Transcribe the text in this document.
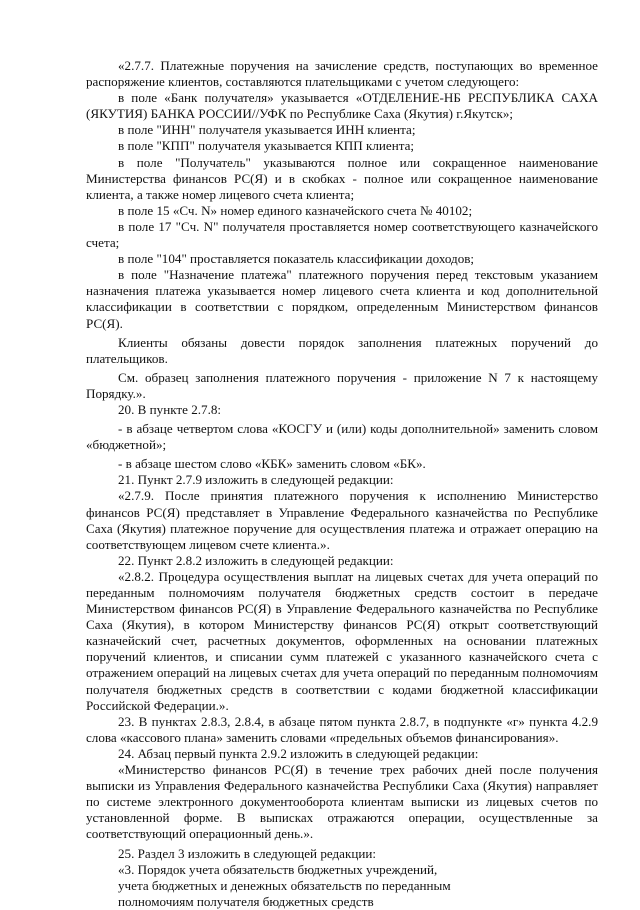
«2.7.7. Платежные поручения на зачисление средств, поступающих во временное распоряжение клиентов, составляются плательщиками с учетом следующего:

в поле «Банк получателя» указывается «ОТДЕЛЕНИЕ-НБ РЕСПУБЛИКА САХА (ЯКУТИЯ) БАНКА РОССИИ//УФК по Республике Саха (Якутия) г.Якутск»;

в поле "ИНН" получателя указывается ИНН клиента;

в поле "КПП" получателя указывается КПП клиента;

в поле "Получатель" указываются полное или сокращенное наименование Министерства финансов РС(Я) и в скобках - полное или сокращенное наименование клиента, а также номер лицевого счета клиента;

в поле 15 «Сч. N» номер единого казначейского счета № 40102;

в поле 17 "Сч. N" получателя проставляется номер соответствующего казначейского счета;

в поле "104" проставляется показатель классификации доходов;

в поле "Назначение платежа" платежного поручения перед текстовым указанием назначения платежа указывается номер лицевого счета клиента и код дополнительной классификации в соответствии с порядком, определенным Министерством финансов РС(Я).

Клиенты обязаны довести порядок заполнения платежных поручений до плательщиков.

См. образец заполнения платежного поручения - приложение N 7 к настоящему Порядку.».

20. В пункте 2.7.8:

- в абзаце четвертом слова «КОСГУ и (или) коды дополнительной» заменить словом «бюджетной»;

- в абзаце шестом слово «КБК» заменить словом «БК».

21. Пункт 2.7.9 изложить в следующей редакции:

«2.7.9. После принятия платежного поручения к исполнению Министерство финансов РС(Я) представляет в Управление Федерального казначейства по Республике Саха (Якутия) платежное поручение для осуществления платежа и отражает операцию на соответствующем лицевом счете клиента.».

22. Пункт 2.8.2 изложить в следующей редакции:

«2.8.2. Процедура осуществления выплат на лицевых счетах для учета операций по переданным полномочиям получателя бюджетных средств состоит в передаче Министерством финансов РС(Я) в Управление Федерального казначейства по Республике Саха (Якутия), в котором Министерству финансов РС(Я) открыт соответствующий казначейский счет, расчетных документов, оформленных на основании платежных поручений клиентов, и списании сумм платежей с указанного казначейского счета с отражением операций на лицевых счетах для учета операций по переданным полномочиям получателя бюджетных средств в соответствии с кодами бюджетной классификации Российской Федерации.».

23. В пунктах 2.8.3, 2.8.4, в абзаце пятом пункта 2.8.7, в подпункте «г» пункта 4.2.9 слова «кассового плана» заменить словами «предельных объемов финансирования».

24. Абзац первый пункта 2.9.2 изложить в следующей редакции:

«Министерство финансов РС(Я) в течение трех рабочих дней после получения выписки из Управления Федерального казначейства Республики Саха (Якутия) направляет по системе электронного документооборота клиентам выписки из лицевых счетов по установленной форме. В выписках отражаются операции, осуществленные за соответствующий операционный день.».

25. Раздел 3 изложить в следующей редакции:

«3. Порядок учета обязательств бюджетных учреждений,

учета бюджетных и денежных обязательств по переданным

полномочиям получателя бюджетных средств
